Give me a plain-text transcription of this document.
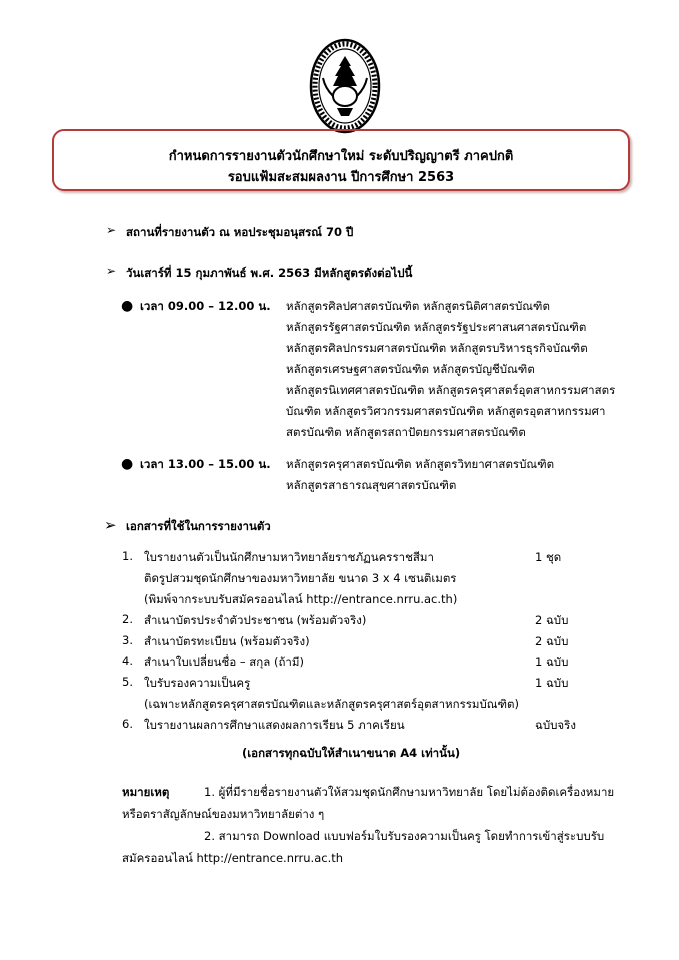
กำหนดการรายงานตัวนักศึกษาใหม่ ระดับปริญญาตรี ภาคปกติ
รอบแฟ้มสะสมผลงาน ปีการศึกษา 2563
➢ สถานที่รายงานตัว ณ หอประชุมอนุสรณ์ 70 ปี
➢ วันเสาร์ที่ 15 กุมภาพันธ์ พ.ศ. 2563 มีหลักสูตรดังต่อไปนี้
● เวลา 09.00 – 12.00 น. หลักสูตรศิลปศาสตรบัณฑิต หลักสูตรนิติศาสตรบัณฑิต
หลักสูตรรัฐศาสตรบัณฑิต หลักสูตรรัฐประศาสนศาสตรบัณฑิต
หลักสูตรศิลปกรรมศาสตรบัณฑิต หลักสูตรบริหารธุรกิจบัณฑิต
หลักสูตรเศรษฐศาสตรบัณฑิต หลักสูตรบัญชีบัณฑิต
หลักสูตรนิเทศศาสตรบัณฑิต หลักสูตรครุศาสตร์อุตสาหกรรมศาสตร
บัณฑิต หลักสูตรวิศวกรรมศาสตรบัณฑิต หลักสูตรอุตสาหกรรมศา
สตรบัณฑิต หลักสูตรสถาปัตยกรรมศาสตรบัณฑิต
● เวลา 13.00 – 15.00 น. หลักสูตรครุศาสตรบัณฑิต หลักสูตรวิทยาศาสตรบัณฑิต
หลักสูตรสาธารณสุขศาสตรบัณฑิต
➢ เอกสารที่ใช้ในการรายงานตัว
1. ใบรายงานตัวเป็นนักศึกษามหาวิทยาลัยราชภัฏนครราชสีมา	1 ชุด
ติดรูปสวมชุดนักศึกษาของมหาวิทยาลัย ขนาด 3 x 4 เซนติเมตร
(พิมพ์จากระบบรับสมัครออนไลน์ http://entrance.nrru.ac.th)
2. สำเนาบัตรประจำตัวประชาชน (พร้อมตัวจริง)	2 ฉบับ
3. สำเนาบัตรทะเบียน (พร้อมตัวจริง)	2 ฉบับ
4. สำเนาใบเปลี่ยนชื่อ – สกุล (ถ้ามี)	1 ฉบับ
5. ใบรับรองความเป็นครู	1 ฉบับ
(เฉพาะหลักสูตรครุศาสตรบัณฑิตและหลักสูตรครุศาสตร์อุตสาหกรรมบัณฑิต)
6. ใบรายงานผลการศึกษาแสดงผลการเรียน 5 ภาคเรียน	ฉบับจริง
(เอกสารทุกฉบับให้สำเนาขนาด A4 เท่านั้น)
หมายเหตุ	1. ผู้ที่มีรายชื่อรายงานตัวให้สวมชุดนักศึกษามหาวิทยาลัย โดยไม่ต้องติดเครื่องหมาย
หรือตราสัญลักษณ์ของมหาวิทยาลัยต่าง ๆ
2. สามารถ Download แบบฟอร์มใบรับรองความเป็นครู โดยทำการเข้าสู่ระบบรับ
สมัครออนไลน์ http://entrance.nrru.ac.th
